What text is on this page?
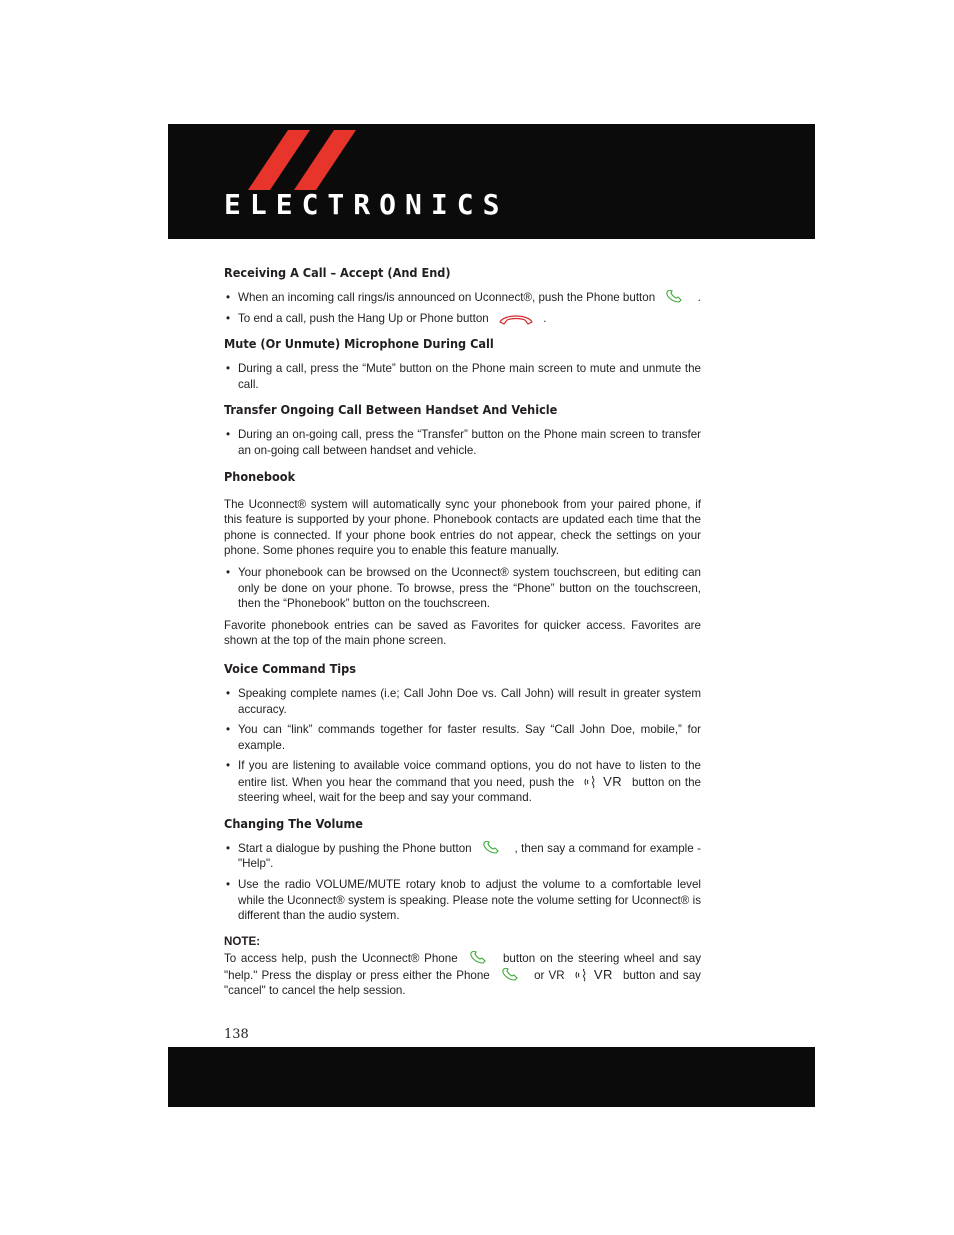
ELECTRONICS
Receiving A Call – Accept (And End)
• When an incoming call rings/is announced on Uconnect®, push the Phone button	.
• To end a call, push the Hang Up or Phone button	.
Mute (Or Unmute) Microphone During Call
• During a call, press the “Mute” button on the Phone main screen to mute and unmute the call.
Transfer Ongoing Call Between Handset And Vehicle
• During an on-going call, press the “Transfer” button on the Phone main screen to transfer an on-going call between handset and vehicle.
Phonebook

The Uconnect® system will automatically sync your phonebook from your paired phone, if this feature is supported by your phone. Phonebook contacts are updated each time that the phone is connected. If your phone book entries do not appear, check the settings on your phone. Some phones require you to enable this feature manually.

• Your phonebook can be browsed on the Uconnect® system touchscreen, but editing can only be done on your phone. To browse, press the “Phone” button on the touchscreen, then the “Phonebook” button on the touchscreen.

Favorite phonebook entries can be saved as Favorites for quicker access. Favorites are shown at the top of the main phone screen.

Voice Command Tips
• Speaking complete names (i.e; Call John Doe vs. Call John) will result in greater system accuracy.
• You can “link” commands together for faster results. Say “Call John Doe, mobile,” for example.
• If you are listening to available voice command options, you do not have to listen to the entire list. When you hear the command that you need, push the VR button on the steering wheel, wait for the beep and say your command.
Changing The Volume
• Start a dialogue by pushing the Phone button	, then say a command for example - "Help".
• Use the radio VOLUME/MUTE rotary knob to adjust the volume to a comfortable level while the Uconnect® system is speaking. Please note the volume setting for Uconnect® is different than the audio system.
NOTE:

To access help, push the Uconnect® Phone	button on the steering wheel and say "help." Press the display or press either the Phone	or VR VR button and say "cancel" to cancel the help session.

138
